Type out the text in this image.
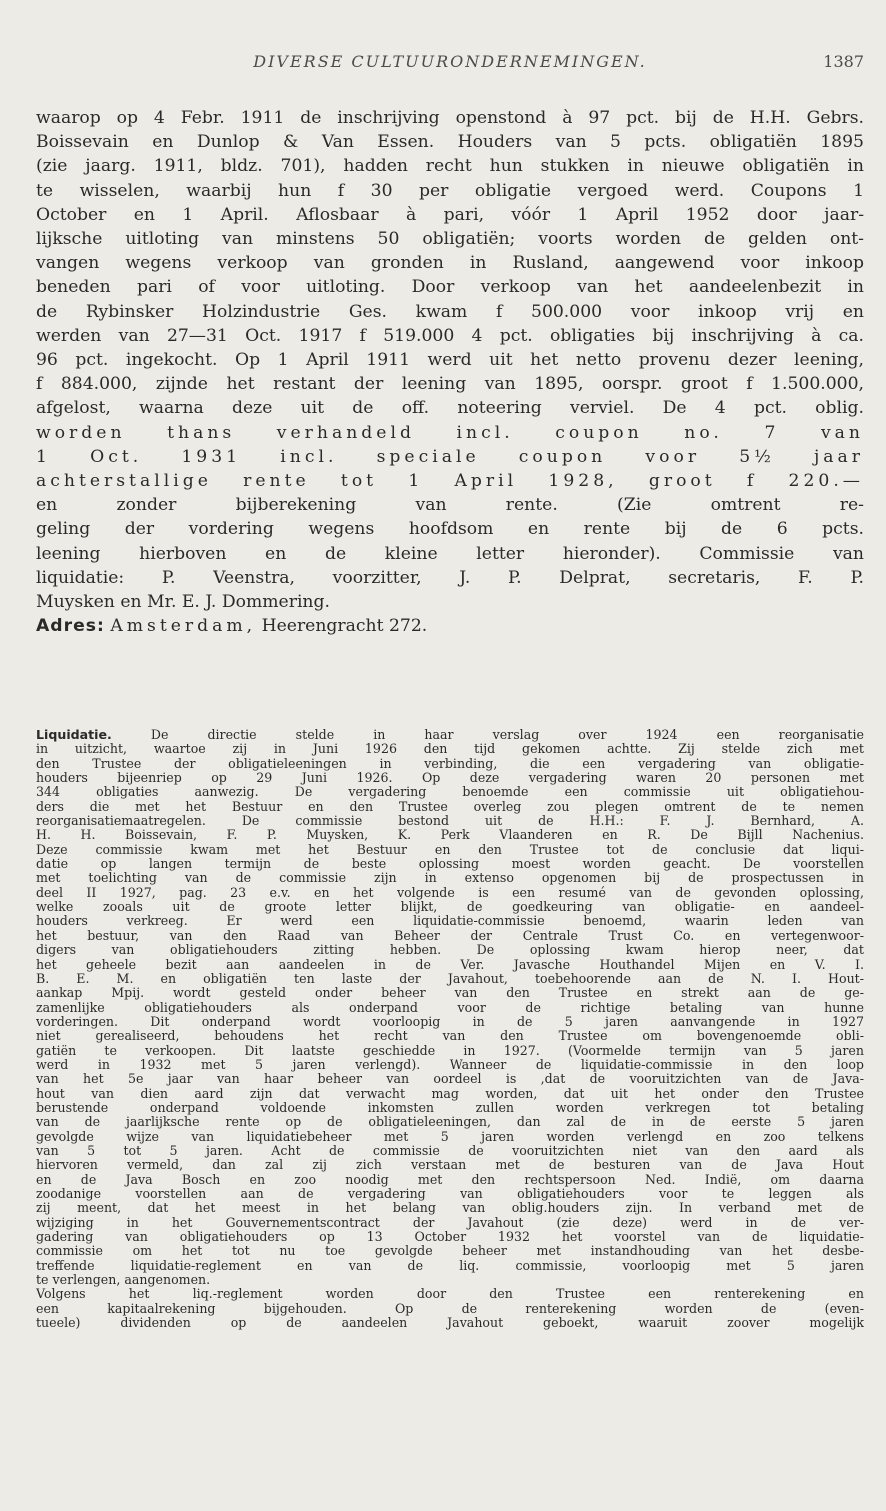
DIVERSE CULTUURONDERNEMINGEN.	1387
waarop op 4 Febr. 1911 de inschrijving openstond à 97 pct. bij de H.H. Gebrs.
Boissevain en Dunlop & Van Essen. Houders van 5 pcts. obligatiën 1895
(zie jaarg. 1911, bldz. 701), hadden recht hun stukken in nieuwe obligatiën in
te wisselen, waarbij hun f 30 per obligatie vergoed werd. Coupons 1
October en 1 April. Aflosbaar à pari, vóór 1 April 1952 door jaar-
lijksche uitloting van minstens 50 obligatiën; voorts worden de gelden ont-
vangen wegens verkoop van gronden in Rusland, aangewend voor inkoop
beneden pari of voor uitloting. Door verkoop van het aandeelenbezit in
de Rybinsker Holzindustrie Ges. kwam f 500.000 voor inkoop vrij en
werden van 27—31 Oct. 1917 f 519.000 4 pct. obligaties bij inschrijving à ca.
96 pct. ingekocht. Op 1 April 1911 werd uit het netto provenu dezer leening,
f 884.000, zijnde het restant der leening van 1895, oorspr. groot f 1.500.000,
afgelost, waarna deze uit de off. noteering verviel. De 4 pct. oblig.
worden thans verhandeld incl. coupon no. 7 van
1 Oct. 1931 incl. speciale coupon voor 5½ jaar
achterstallige rente tot 1 April 1928, groot f 220.—
en zonder bijberekening van rente. (Zie omtrent re-
geling der vordering wegens hoofdsom en rente bij de 6 pcts.
leening hierboven en de kleine letter hieronder). Commissie van
liquidatie: P. Veenstra, voorzitter, J. P. Delprat, secretaris, F. P.
Muysken en Mr. E. J. Dommering.
Adres: Amsterdam, Heerengracht 272.
Liquidatie.	De directie stelde in haar verslag over 1924 een reorganisatie
in uitzicht, waartoe zij in Juni 1926 den tijd gekomen achtte. Zij stelde zich met
den Trustee der obligatieleeningen in verbinding, die een vergadering van obligatie-
houders bijeenriep op 29 Juni 1926. Op deze vergadering waren 20 personen met
344 obligaties aanwezig. De vergadering benoemde een commissie uit obligatiehou-
ders die met het Bestuur en den Trustee overleg zou plegen omtrent de te nemen
reorganisatiemaatregelen. De commissie bestond uit de H.H.: F. J. Bernhard, A.
H. H. Boissevain, F. P. Muysken, K. Perk Vlaanderen en R. De Bijll Nachenius.
Deze commissie kwam met het Bestuur en den Trustee tot de conclusie dat liqui-
datie op langen termijn de beste oplossing moest worden geacht. De voorstellen
met toelichting van de commissie zijn in extenso opgenomen bij de prospectussen in
deel II 1927, pag. 23 e.v. en het volgende is een resumé van de gevonden oplossing,
welke zooals uit de groote letter blijkt, de goedkeuring van obligatie- en aandeel-
houders verkreeg. Er werd een liquidatie-commissie benoemd, waarin leden van
het bestuur, van den Raad van Beheer der Centrale Trust Co. en vertegenwoor-
digers van obligatiehouders zitting hebben. De oplossing kwam hierop neer, dat
het geheele bezit aan aandeelen in de Ver. Javasche Houthandel Mijen en V. I.
B. E. M. en obligatiën ten laste der Javahout, toebehoorende aan de N. I. Hout-
aankap Mpij. wordt gesteld onder beheer van den Trustee en strekt aan de ge-
zamenlijke obligatiehouders als onderpand voor de richtige betaling van hunne
vorderingen. Dit onderpand wordt voorloopig in de 5 jaren aanvangende in 1927
niet gerealiseerd, behoudens het recht van den Trustee om bovengenoemde obli-
gatiën te verkoopen. Dit laatste geschiedde in 1927. (Voormelde termijn van 5 jaren
werd in 1932 met 5 jaren verlengd). Wanneer de liquidatie-commissie in den loop
van het 5e jaar van haar beheer van oordeel is ,dat de vooruitzichten van de Java-
hout van dien aard zijn dat verwacht mag worden, dat uit het onder den Trustee
berustende onderpand voldoende inkomsten zullen worden verkregen tot betaling
van de jaarlijksche rente op de obligatieleeningen, dan zal de in de eerste 5 jaren
gevolgde wijze van liquidatiebeheer met 5 jaren worden verlengd en zoo telkens
van 5 tot 5 jaren. Acht de commissie de vooruitzichten niet van den aard als
hiervoren vermeld, dan zal zij zich verstaan met de besturen van de Java Hout
en de Java Bosch en zoo noodig met den rechtspersoon Ned. Indië, om daarna
zoodanige voorstellen aan de vergadering van obligatiehouders voor te leggen als
zij meent, dat het meest in het belang van oblig.houders zijn. In verband met de
wijziging in het Gouvernementscontract der Javahout (zie deze) werd in de ver-
gadering van obligatiehouders op 13 October 1932 het voorstel van de liquidatie-
commissie om het tot nu toe gevolgde beheer met instandhouding van het desbe-
treffende liquidatie-reglement en van de liq. commissie, voorloopig met 5 jaren
te verlengen, aangenomen.
Volgens het liq.-reglement worden door den Trustee een renterekening en
een kapitaalrekening bijgehouden. Op de renterekening worden de (even-
tueele) dividenden op de aandeelen Javahout geboekt, waaruit zoover mogelijk
